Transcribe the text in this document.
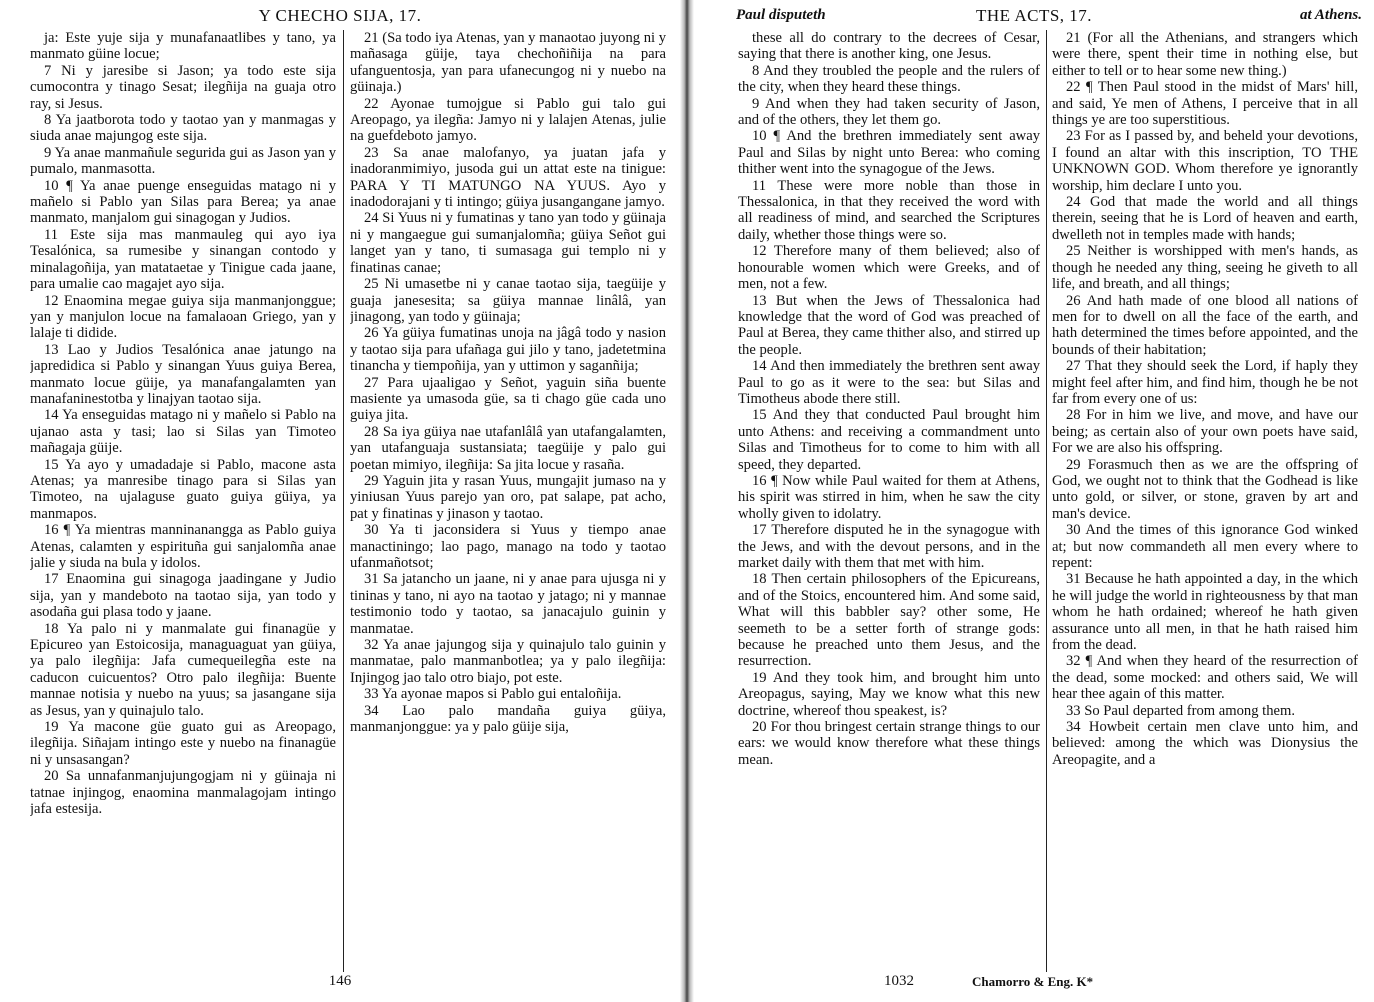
Y CHECHO SIJA, 17.

ja: Este yuje sija y munafanaatlibes y tano, ya manmato güine locue;

7 Ni y jaresibe si Jason; ya todo este sija cumocontra y tinago Sesat; ilegñija na guaja otro ray, si Jesus.

8 Ya jaatborota todo y taotao yan y manmagas y siuda anae majungog este sija.

9 Ya anae manmañule segurida gui as Jason yan y pumalo, manmasotta.

10 ¶ Ya anae puenge enseguidas matago ni y mañelo si Pablo yan Silas para Berea; ya anae manmato, manjalom gui sinagogan y Judios.

11 Este sija mas manmauleg qui ayo iya Tesalónica, sa rumesibe y sinangan contodo y minalagoñija, yan matataetae y Tinigue cada jaane, para umalie cao magajet ayo sija.

12 Enaomina megae guiya sija manmanjonggue; yan y manjulon locue na famalaoan Griego, yan y lalaje ti didide.

13 Lao y Judios Tesalónica anae jatungo na japredidica si Pablo y sinangan Yuus guiya Berea, manmato locue güije, ya manafangalamten yan manafaninestotba y linajyan taotao sija.

14 Ya enseguidas matago ni y mañelo si Pablo na ujanao asta y tasi; lao si Silas yan Timoteo mañagaja güije.

15 Ya ayo y umadadaje si Pablo, macone asta Atenas; ya manresibe tinago para si Silas yan Timoteo, na ujalaguse guato guiya güiya, ya manmapos.

16 ¶ Ya mientras manninanangga as Pablo guiya Atenas, calamten y espirituña gui sanjalomña anae jalie y siuda na bula y idolos.

17 Enaomina gui sinagoga jaadingane y Judio sija, yan y mandeboto na taotao sija, yan todo y asodaña gui plasa todo y jaane.

18 Ya palo ni y manmalate gui finanagüe y Epicureo yan Estoicosija, managuaguat yan güiya, ya palo ilegñija: Jafa cumequeilegña este na caducon cuicuentos? Otro palo ilegñija: Buente mannae notisia y nuebo na yuus; sa jasangane sija as Jesus, yan y quinajulo talo.

19 Ya macone güe guato gui as Areopago, ilegñija. Siñajam intingo este y nuebo na finanagüe ni y unsasangan?

20 Sa unnafanmanjujungogjam ni y güinaja ni tatnae injingog, enaomina manmalagojam intingo jafa estesija.

21 (Sa todo iya Atenas, yan y manaotao juyong ni y mañasaga güije, taya chechoñiñija na para ufanguentosja, yan para ufanecungog ni y nuebo na güinaja.)

22 Ayonae tumojgue si Pablo gui talo gui Areopago, ya ilegña: Jamyo ni y lalajen Atenas, julie na guefdeboto jamyo.

23 Sa anae malofanyo, ya juatan jafa y inadoranmimiyo, jusoda gui un attat este na tinigue: PARA Y TI MATUNGO NA YUUS. Ayo y inadodorajani y ti intingo; güiya jusangangane jamyo.

24 Si Yuus ni y fumatinas y tano yan todo y güinaja ni y mangaegue gui sumanjalomña; güiya Señot gui langet yan y tano, ti sumasaga gui templo ni y finatinas canae;

25 Ni umasetbe ni y canae taotao sija, taegüije y guaja janesesita; sa güiya mannae linâlâ, yan jinagong, yan todo y güinaja;

26 Ya güiya fumatinas unoja na jâgâ todo y nasion y taotao sija para ufañaga gui jilo y tano, jadetetmina tinancha y tiempoñija, yan y uttimon y saganñija;

27 Para ujaaligao y Señot, yaguin siña buente masiente ya umasoda güe, sa ti chago güe cada uno guiya jita.

28 Sa iya güiya nae utafanlâlâ yan utafangalamten, yan utafanguaja sustansiata; taegüije y palo gui poetan mimiyo, ilegñija: Sa jita locue y rasaña.

29 Yaguin jita y rasan Yuus, mungajit jumaso na y yiniusan Yuus parejo yan oro, pat salape, pat acho, pat y finatinas y jinason y taotao.

30 Ya ti jaconsidera si Yuus y tiempo anae manactiningo; lao pago, manago na todo y taotao ufanmañotsot;

31 Sa jatancho un jaane, ni y anae para ujusga ni y tininas y tano, ni ayo na taotao y jatago; ni y mannae testimonio todo y taotao, sa janacajulo guinin y manmatae.

32 Ya anae jajungog sija y quinajulo talo guinin y manmatae, palo manmanbotlea; ya y palo ilegñija: Injingog jao talo otro biajo, pot este.

33 Ya ayonae mapos si Pablo gui entaloñija.

34 Lao palo mandaña guiya güiya, manmanjonggue: ya y palo güije sija,

146
Paul disputeth	THE ACTS, 17.	at Athens.

these all do contrary to the decrees of Cesar, saying that there is another king, one Jesus.

8 And they troubled the people and the rulers of the city, when they heard these things.

9 And when they had taken security of Jason, and of the others, they let them go.

10 ¶ And the brethren immediately sent away Paul and Silas by night unto Berea: who coming thither went into the synagogue of the Jews.

11 These were more noble than those in Thessalonica, in that they received the word with all readiness of mind, and searched the Scriptures daily, whether those things were so.

12 Therefore many of them believed; also of honourable women which were Greeks, and of men, not a few.

13 But when the Jews of Thessalonica had knowledge that the word of God was preached of Paul at Berea, they came thither also, and stirred up the people.

14 And then immediately the brethren sent away Paul to go as it were to the sea: but Silas and Timotheus abode there still.

15 And they that conducted Paul brought him unto Athens: and receiving a commandment unto Silas and Timotheus for to come to him with all speed, they departed.

16 ¶ Now while Paul waited for them at Athens, his spirit was stirred in him, when he saw the city wholly given to idolatry.

17 Therefore disputed he in the synagogue with the Jews, and with the devout persons, and in the market daily with them that met with him.

18 Then certain philosophers of the Epicureans, and of the Stoics, encountered him. And some said, What will this babbler say? other some, He seemeth to be a setter forth of strange gods: because he preached unto them Jesus, and the resurrection.

19 And they took him, and brought him unto Areopagus, saying, May we know what this new doctrine, whereof thou speakest, is?

20 For thou bringest certain strange things to our ears: we would know therefore what these things mean.

21 (For all the Athenians, and strangers which were there, spent their time in nothing else, but either to tell or to hear some new thing.)

22 ¶ Then Paul stood in the midst of Mars' hill, and said, Ye men of Athens, I perceive that in all things ye are too superstitious.

23 For as I passed by, and beheld your devotions, I found an altar with this inscription, TO THE UNKNOWN GOD. Whom therefore ye ignorantly worship, him declare I unto you.

24 God that made the world and all things therein, seeing that he is Lord of heaven and earth, dwelleth not in temples made with hands;

25 Neither is worshipped with men's hands, as though he needed any thing, seeing he giveth to all life, and breath, and all things;

26 And hath made of one blood all nations of men for to dwell on all the face of the earth, and hath determined the times before appointed, and the bounds of their habitation;

27 That they should seek the Lord, if haply they might feel after him, and find him, though he be not far from every one of us:

28 For in him we live, and move, and have our being; as certain also of your own poets have said, For we are also his offspring.

29 Forasmuch then as we are the offspring of God, we ought not to think that the Godhead is like unto gold, or silver, or stone, graven by art and man's device.

30 And the times of this ignorance God winked at; but now commandeth all men every where to repent:

31 Because he hath appointed a day, in the which he will judge the world in righteousness by that man whom he hath ordained; whereof he hath given assurance unto all men, in that he hath raised him from the dead.

32 ¶ And when they heard of the resurrection of the dead, some mocked: and others said, We will hear thee again of this matter.

33 So Paul departed from among them.

34 Howbeit certain men clave unto him, and believed: among the which was Dionysius the Areopagite, and a

1032	Chamorro & Eng. K*
